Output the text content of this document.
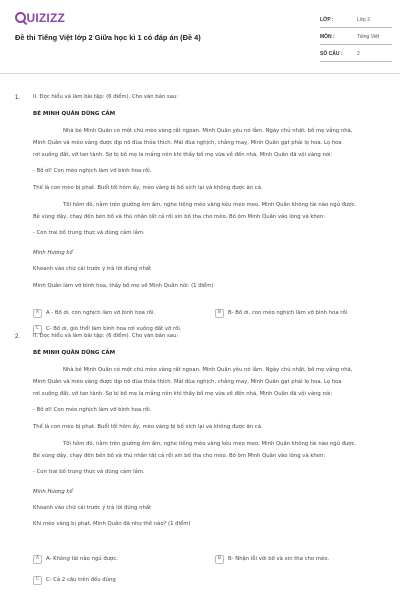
UIZIZZ
Đề thi Tiếng Việt lớp 2 Giữa học kì 1 có đáp án (Đề 4)
LỚP :	Lớp 2
MÔN :	Tiếng Việt
SỐ CÂU :	2
1. II. Đọc hiểu và làm bài tập: (6 điểm). Cho văn bản sau:
BÉ MINH QUÂN DŨNG CẢM
Nhà bé Minh Quân có một chú mèo vàng rất ngoan. Minh Quân yêu nó lắm. Ngày chủ nhật, bố mẹ vắng nhà,
Minh Quân và mèo vàng được dịp nô đùa thỏa thích. Mải đùa nghịch, chẳng may, Minh Quân gạt phải lọ hoa. Lọ hoa
rơi xuống đất, vỡ tan tành. Sợ bị bố mẹ la mắng nên khi thấy bố mẹ vừa về đến nhà, Minh Quân đã vội vàng nói:
- Bố ơi! Con mèo nghịch làm vỡ bình hoa rồi.
Thế là con mèo bị phạt. Buổi tối hôm ấy, mèo vàng bị bố xích lại và không được ăn cá.
Tối hôm đó, nằm trên giường êm ấm, nghe tiếng mèo vàng kêu meo meo, Minh Quân không tài nào ngủ được.
Bé vùng dậy, chạy đến bên bố và thú nhận tất cả rồi xin bố tha cho mèo. Bố ôm Minh Quân vào lòng và khen:
- Con trai bố trung thực và dũng cảm lắm.
Minh Hương kể
Khoanh vào chữ cái trước ý trả lời đúng nhất
Minh Quân làm vỡ bình hoa, thấy bố mẹ về Minh Quân nói: (1 điểm)
A	A - Bố ơi, con nghịch làm vỡ bình hoa rồi.	B	B- Bố ơi, con mèo nghịch làm vỡ bình hoa rồi
C	C- Bố ơi, gió thổi làm bình hoa rơi xuống đất vỡ rồi.
2. II. Đọc hiểu và làm bài tập: (6 điểm). Cho văn bản sau:
BÉ MINH QUÂN DŨNG CẢM
Nhà bé Minh Quân có một chú mèo vàng rất ngoan. Minh Quân yêu nó lắm. Ngày chủ nhật, bố mẹ vắng nhà,
Minh Quân và mèo vàng được dịp nô đùa thỏa thích. Mải đùa nghịch, chẳng may, Minh Quân gạt phải lọ hoa. Lọ hoa
rơi xuống đất, vỡ tan tành. Sợ bị bố mẹ la mắng nên khi thấy bố mẹ vừa về đến nhà, Minh Quân đã vội vàng nói:
- Bố ơi! Con mèo nghịch làm vỡ bình hoa rồi.
Thế là con mèo bị phạt. Buổi tối hôm ấy, mèo vàng bị bố xích lại và không được ăn cá.
Tối hôm đó, nằm trên giường êm ấm, nghe tiếng mèo vàng kêu meo meo, Minh Quân không tài nào ngủ được.
Bé vùng dậy, chạy đến bên bố và thú nhận tất cả rồi xin bố tha cho mèo. Bố ôm Minh Quân vào lòng và khen:
- Con trai bố trung thực và dũng cảm lắm.
Minh Hương kể
Khoanh vào chữ cái trước ý trả lời đúng nhất
Khi mèo vàng bị phạt, Minh Quân đã như thế nào? (1 điểm)
A	A- Không tài nào ngủ được.	B	B- Nhận lỗi với bố và xin tha cho mèo.
C	C- Cả 2 câu trên đều đúng
